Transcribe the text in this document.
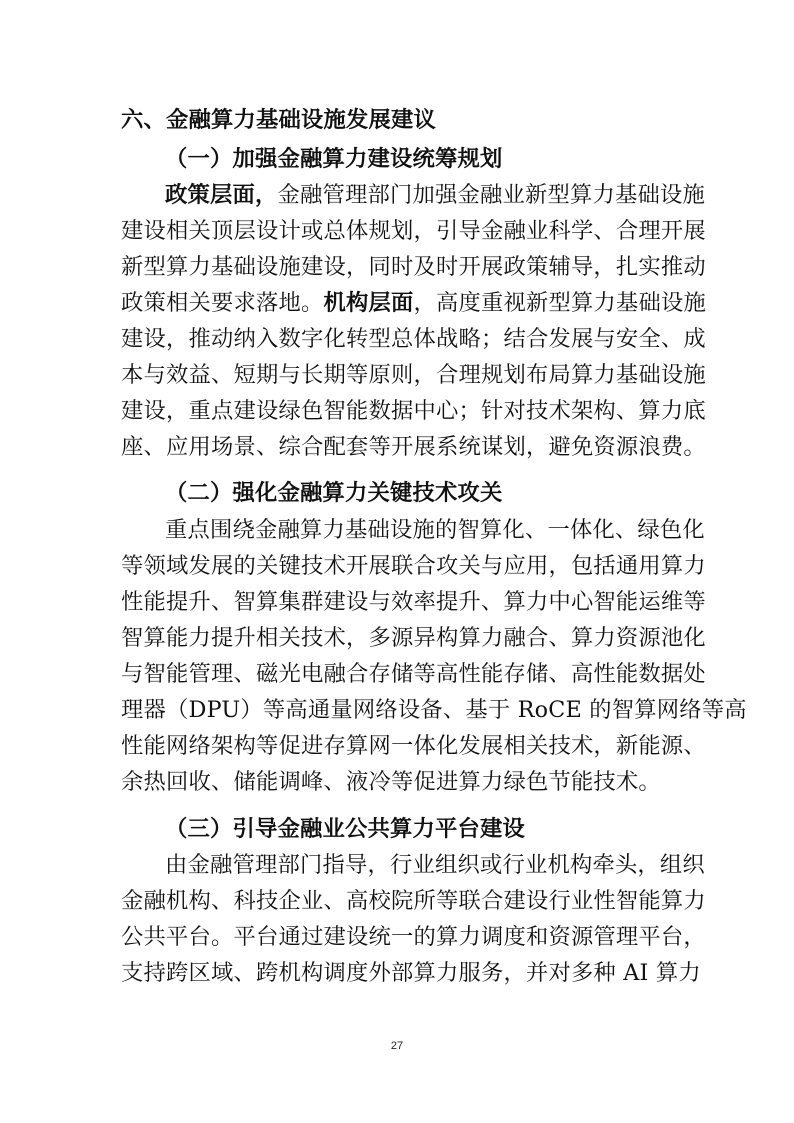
六、金融算力基础设施发展建议
（一）加强金融算力建设统筹规划
政策层面，金融管理部门加强金融业新型算力基础设施
建设相关顶层设计或总体规划，引导金融业科学、合理开展
新型算力基础设施建设，同时及时开展政策辅导，扎实推动
政策相关要求落地。机构层面，高度重视新型算力基础设施
建设，推动纳入数字化转型总体战略；结合发展与安全、成
本与效益、短期与长期等原则，合理规划布局算力基础设施
建设，重点建设绿色智能数据中心；针对技术架构、算力底
座、应用场景、综合配套等开展系统谋划，避免资源浪费。
（二）强化金融算力关键技术攻关
重点围绕金融算力基础设施的智算化、一体化、绿色化
等领域发展的关键技术开展联合攻关与应用，包括通用算力
性能提升、智算集群建设与效率提升、算力中心智能运维等
智算能力提升相关技术，多源异构算力融合、算力资源池化
与智能管理、磁光电融合存储等高性能存储、高性能数据处
理器（DPU）等高通量网络设备、基于 RoCE 的智算网络等高
性能网络架构等促进存算网一体化发展相关技术，新能源、
余热回收、储能调峰、液冷等促进算力绿色节能技术。
（三）引导金融业公共算力平台建设
由金融管理部门指导，行业组织或行业机构牵头，组织
金融机构、科技企业、高校院所等联合建设行业性智能算力
公共平台。平台通过建设统一的算力调度和资源管理平台，
支持跨区域、跨机构调度外部算力服务，并对多种 AI 算力
27
